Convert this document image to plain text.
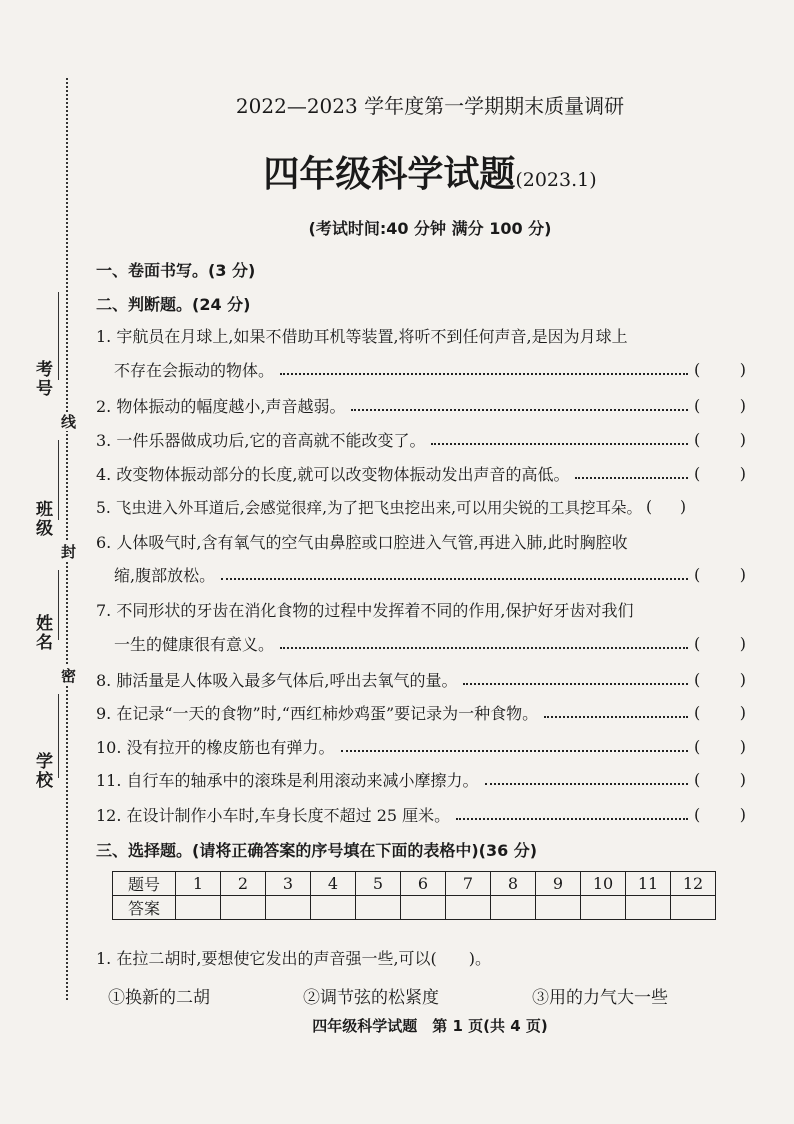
考号
线
班级
封
姓名
密
学校
2022—2023 学年度第一学期期末质量调研
四年级科学试题(2023.1)
(考试时间:40 分钟 满分 100 分)
一、卷面书写。(3 分)
二、判断题。(24 分)
1. 宇航员在月球上,如果不借助耳机等装置,将听不到任何声音,是因为月球上
不存在会振动的物体。	( )
2. 物体振动的幅度越小,声音越弱。	( )
3. 一件乐器做成功后,它的音高就不能改变了。	( )
4. 改变物体振动部分的长度,就可以改变物体振动发出声音的高低。	( )
5. 飞虫进入外耳道后,会感觉很痒,为了把飞虫挖出来,可以用尖锐的工具挖耳朵。 ( )
6. 人体吸气时,含有氧气的空气由鼻腔或口腔进入气管,再进入肺,此时胸腔收
缩,腹部放松。	( )
7. 不同形状的牙齿在消化食物的过程中发挥着不同的作用,保护好牙齿对我们
一生的健康很有意义。	( )
8. 肺活量是人体吸入最多气体后,呼出去氧气的量。	( )
9. 在记录“一天的食物”时,“西红柿炒鸡蛋”要记录为一种食物。	( )
10. 没有拉开的橡皮筋也有弹力。	( )
11. 自行车的轴承中的滚珠是利用滚动来减小摩擦力。	( )
12. 在设计制作小车时,车身长度不超过 25 厘米。	( )
三、选择题。(请将正确答案的序号填在下面的表格中)(36 分)
题号	1	2	3	4	5	6	7	8	9	10	11	12
答案												
1. 在拉二胡时,要想使它发出的声音强一些,可以(　　)。
①换新的二胡	②调节弦的松紧度	③用的力气大一些
四年级科学试题　第 1 页(共 4 页)
